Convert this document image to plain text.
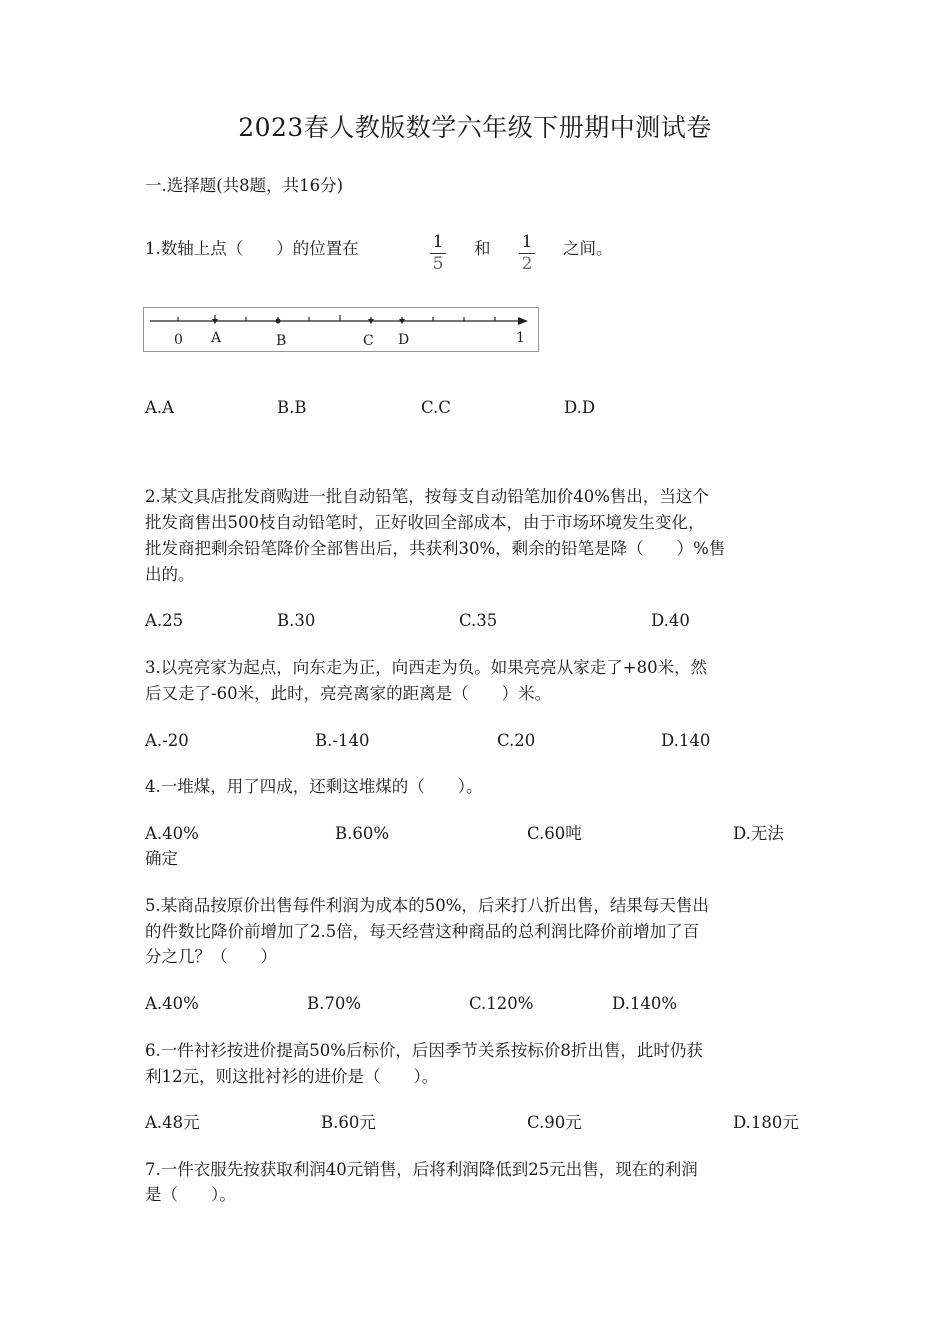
2023春人教版数学六年级下册期中测试卷
一.选择题(共8题，共16分)
1.数轴上点（　　）的位置在	$\frac{1}{5}$ 和 $\frac{1}{2}$ 之间。
0 A	B	C D	1
A.A	B.B	C.C	D.D
2.某文具店批发商购进一批自动铅笔，按每支自动铅笔加价40%售出，当这个
批发商售出500枝自动铅笔时，正好收回全部成本，由于市场环境发生变化，
批发商把剩余铅笔降价全部售出后，共获利30%，剩余的铅笔是降（　　）%售
出的。
A.25	B.30	C.35	D.40
3.以亮亮家为起点，向东走为正，向西走为负。如果亮亮从家走了+80米，然
后又走了-60米，此时，亮亮离家的距离是（　　）米。
A.-20	B.-140	C.20	D.140
4.一堆煤，用了四成，还剩这堆煤的（　　）。
A.40%	B.60%	C.60吨	D.无法
确定
5.某商品按原价出售每件利润为成本的50%，后来打八折出售，结果每天售出
的件数比降价前增加了2.5倍，每天经营这种商品的总利润比降价前增加了百
分之几？（　　）
A.40%	B.70%	C.120%	D.140%
6.一件衬衫按进价提高50%后标价，后因季节关系按标价8折出售，此时仍获
利12元，则这批衬衫的进价是（　　）。
A.48元	B.60元	C.90元	D.180元
7.一件衣服先按获取利润40元销售，后将利润降低到25元出售，现在的利润
是（　　）。
